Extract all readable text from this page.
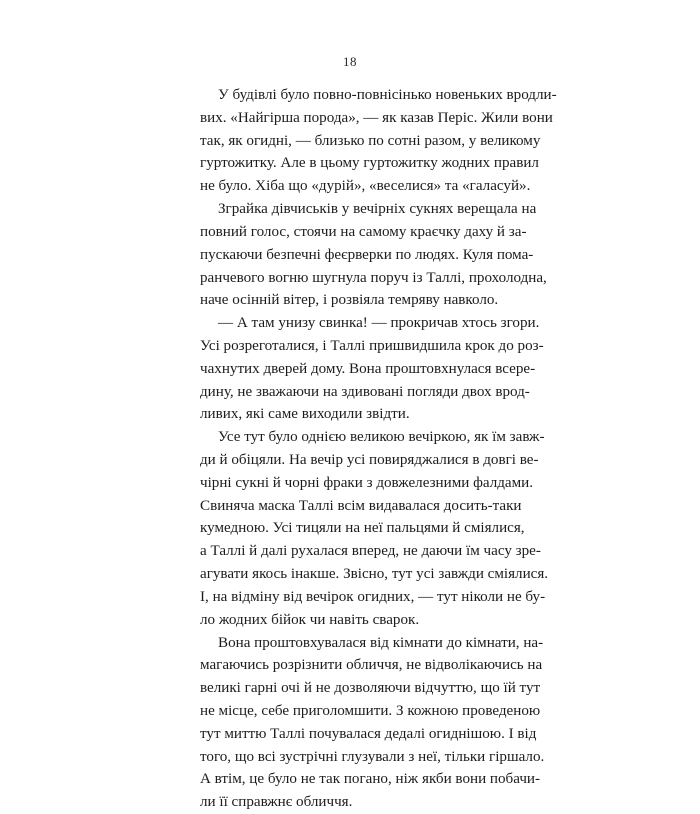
18
У будівлі було повно-повнісінько новеньких вродли-
вих. «Найгірша порода», — як казав Періс. Жили вони
так, як огидні, — близько по сотні разом, у великому
гуртожитку. Але в цьому гуртожитку жодних правил
не було. Хіба що «дурій», «веселися» та «галасуй».
Зграйка дівчиськів у вечірніх сукнях верещала на
повний голос, стоячи на самому краєчку даху й за-
пускаючи безпечні феєрверки по людях. Куля пома-
ранчевого вогню шугнула поруч із Таллі, прохолодна,
наче осінній вітер, і розвіяла темряву навколо.
— А там унизу свинка! — прокричав хтось згори.
Усі розреготалися, і Таллі пришвидшила крок до роз-
чахнутих дверей дому. Вона проштовхнулася всере-
дину, не зважаючи на здивовані погляди двох врод-
ливих, які саме виходили звідти.
Усе тут було однією великою вечіркою, як їм завж-
ди й обіцяли. На вечір усі повиряджалися в довгі ве-
чірні сукні й чорні фраки з довжелезними фалдами.
Свиняча маска Таллі всім видавалася досить-таки
кумедною. Усі тицяли на неї пальцями й сміялися,
а Таллі й далі рухалася вперед, не даючи їм часу зре-
агувати якось інакше. Звісно, тут усі завжди сміялися.
І, на відміну від вечірок огидних, — тут ніколи не бу-
ло жодних бійок чи навіть сварок.
Вона проштовхувалася від кімнати до кімнати, на-
магаючись розрізнити обличчя, не відволікаючись на
великі гарні очі й не дозволяючи відчуттю, що їй тут
не місце, себе приголомшити. З кожною проведеною
тут миттю Таллі почувалася дедалі огиднішою. І від
того, що всі зустрічні глузували з неї, тільки гіршало.
А втім, це було не так погано, ніж якби вони побачи-
ли її справжнє обличчя.
